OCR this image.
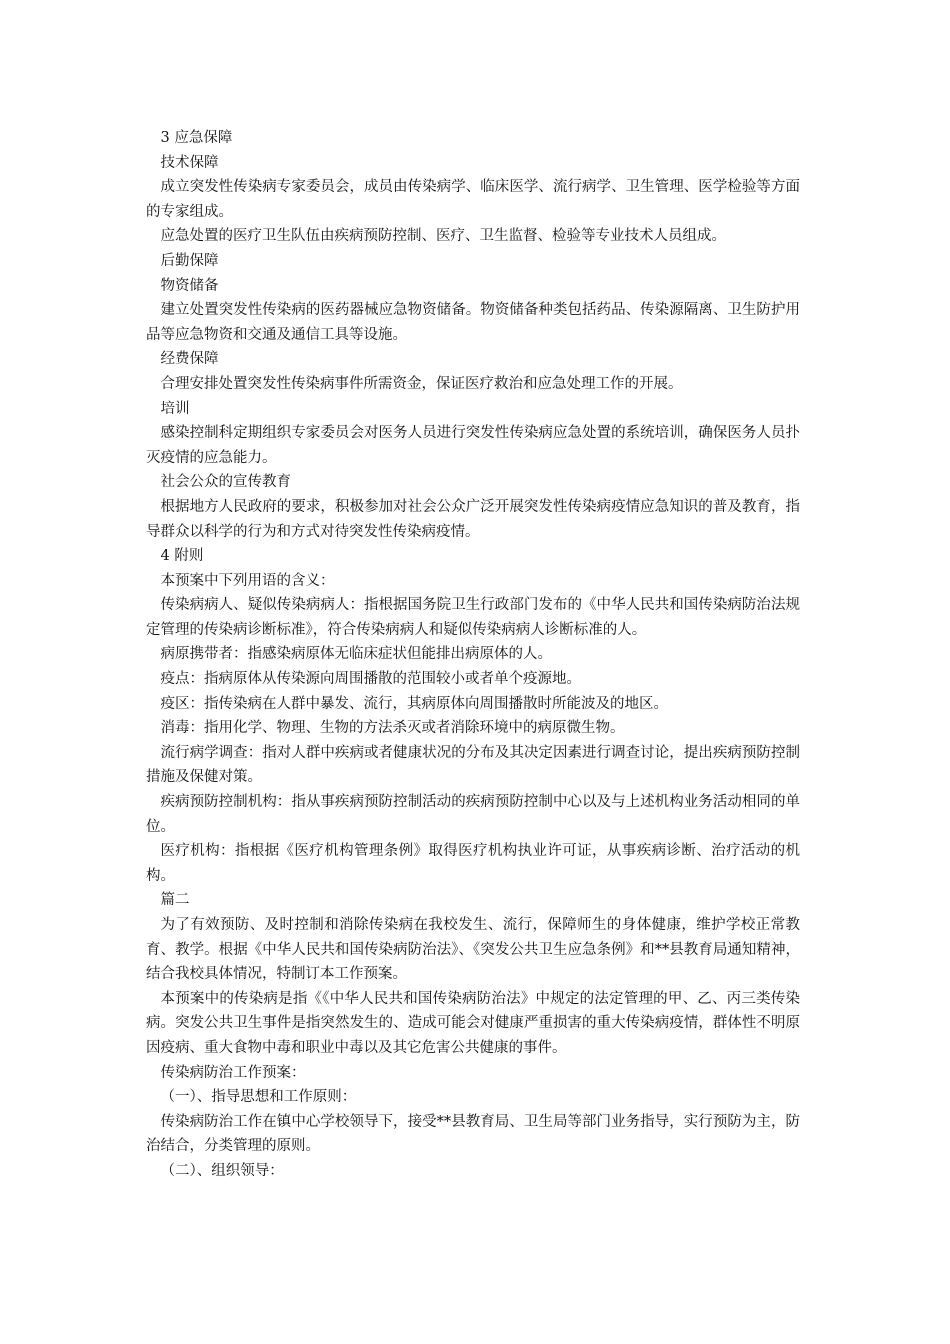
3 应急保障

技术保障

成立突发性传染病专家委员会，成员由传染病学、临床医学、流行病学、卫生管理、医学检验等方面的专家组成。

应急处置的医疗卫生队伍由疾病预防控制、医疗、卫生监督、检验等专业技术人员组成。

后勤保障

物资储备

建立处置突发性传染病的医药器械应急物资储备。物资储备种类包括药品、传染源隔离、卫生防护用品等应急物资和交通及通信工具等设施。

经费保障

合理安排处置突发性传染病事件所需资金，保证医疗救治和应急处理工作的开展。

培训

感染控制科定期组织专家委员会对医务人员进行突发性传染病应急处置的系统培训，确保医务人员扑灭疫情的应急能力。

社会公众的宣传教育

根据地方人民政府的要求，积极参加对社会公众广泛开展突发性传染病疫情应急知识的普及教育，指导群众以科学的行为和方式对待突发性传染病疫情。

4 附则

本预案中下列用语的含义：

传染病病人、疑似传染病病人：指根据国务院卫生行政部门发布的《中华人民共和国传染病防治法规定管理的传染病诊断标准》，符合传染病病人和疑似传染病病人诊断标准的人。

病原携带者：指感染病原体无临床症状但能排出病原体的人。

疫点：指病原体从传染源向周围播散的范围较小或者单个疫源地。

疫区：指传染病在人群中暴发、流行，其病原体向周围播散时所能波及的地区。

消毒：指用化学、物理、生物的方法杀灭或者消除环境中的病原微生物。

流行病学调查：指对人群中疾病或者健康状况的分布及其决定因素进行调查讨论，提出疾病预防控制措施及保健对策。

疾病预防控制机构：指从事疾病预防控制活动的疾病预防控制中心以及与上述机构业务活动相同的单位。

医疗机构：指根据《医疗机构管理条例》取得医疗机构执业许可证，从事疾病诊断、治疗活动的机构。

篇二

为了有效预防、及时控制和消除传染病在我校发生、流行，保障师生的身体健康，维护学校正常教育、教学。根据《中华人民共和国传染病防治法》、《突发公共卫生应急条例》和**县教育局通知精神，结合我校具体情况，特制订本工作预案。

本预案中的传染病是指《《中华人民共和国传染病防治法》中规定的法定管理的甲、乙、丙三类传染病。突发公共卫生事件是指突然发生的、造成可能会对健康严重损害的重大传染病疫情，群体性不明原因疫病、重大食物中毒和职业中毒以及其它危害公共健康的事件。

传染病防治工作预案：

（一）、指导思想和工作原则：

传染病防治工作在镇中心学校领导下，接受**县教育局、卫生局等部门业务指导，实行预防为主，防治结合，分类管理的原则。

（二）、组织领导：
